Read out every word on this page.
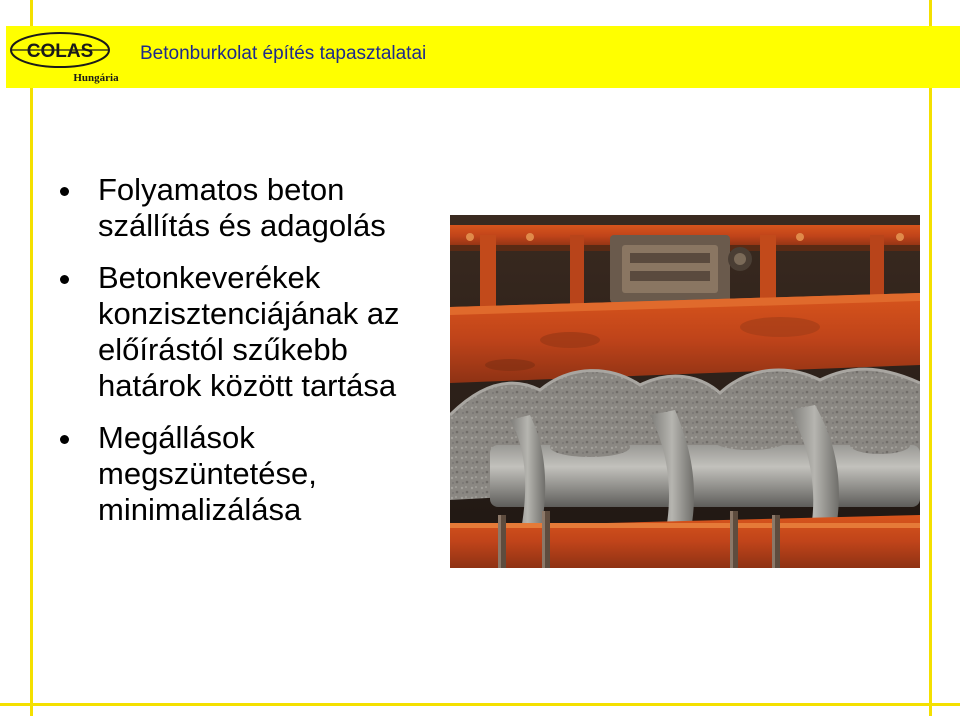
COLAS
Hungária
Betonburkolat építés tapasztalatai
Folyamatos beton
szállítás és adagolás
Betonkeverékek
konzisztenciájának az
előírástól szűkebb
határok között tartása
Megállások
megszüntetése,
minimalizálása
